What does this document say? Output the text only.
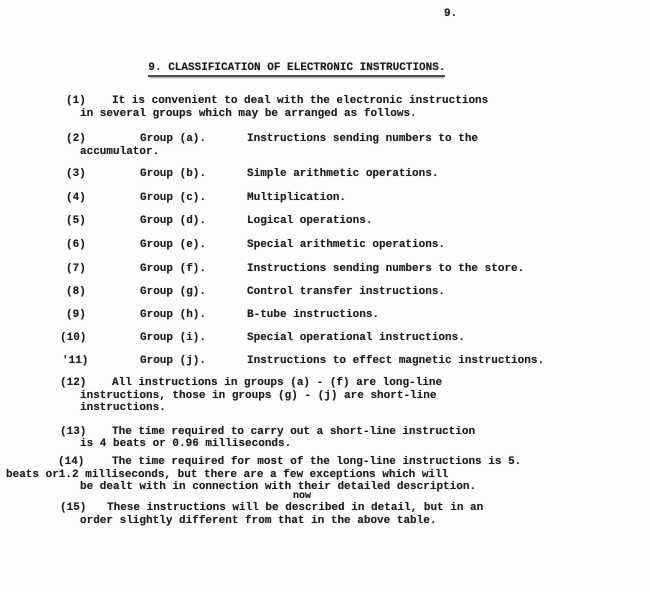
9.

9. CLASSIFICATION OF ELECTRONIC INSTRUCTIONS.

(1) It is convenient to deal with the electronic instructions
in several groups which may be arranged as follows.
(2)	Group (a).	Instructions sending numbers to the
accumulator.
(3)	Group (b).	Simple arithmetic operations.
(4)	Group (c).	Multiplication.
(5)	Group (d).	Logical operations.
(6)	Group (e).	Special arithmetic operations.
(7)	Group (f).	Instructions sending numbers to the store.
(8)	Group (g).	Control transfer instructions.
(9)	Group (h).	B-tube instructions.
(10)	Group (i).	Special operational instructions.
'11)	Group (j).	Instructions to effect magnetic instructions.
(12) All instructions in groups (a) - (f) are long-line
instructions, those in groups (g) - (j) are short-line
instructions.
(13) The time required to carry out a short-line instruction
is 4 beats or 0.96 milliseconds.
(14)	The time required for most of the long-line instructions is 5.
beats or1.2 milliseconds, but there are a few exceptions which will
be dealt with in connection with their detailed description.
now
(15) These instructions will be described in detail, but in an
order slightly different from that in the above table.
